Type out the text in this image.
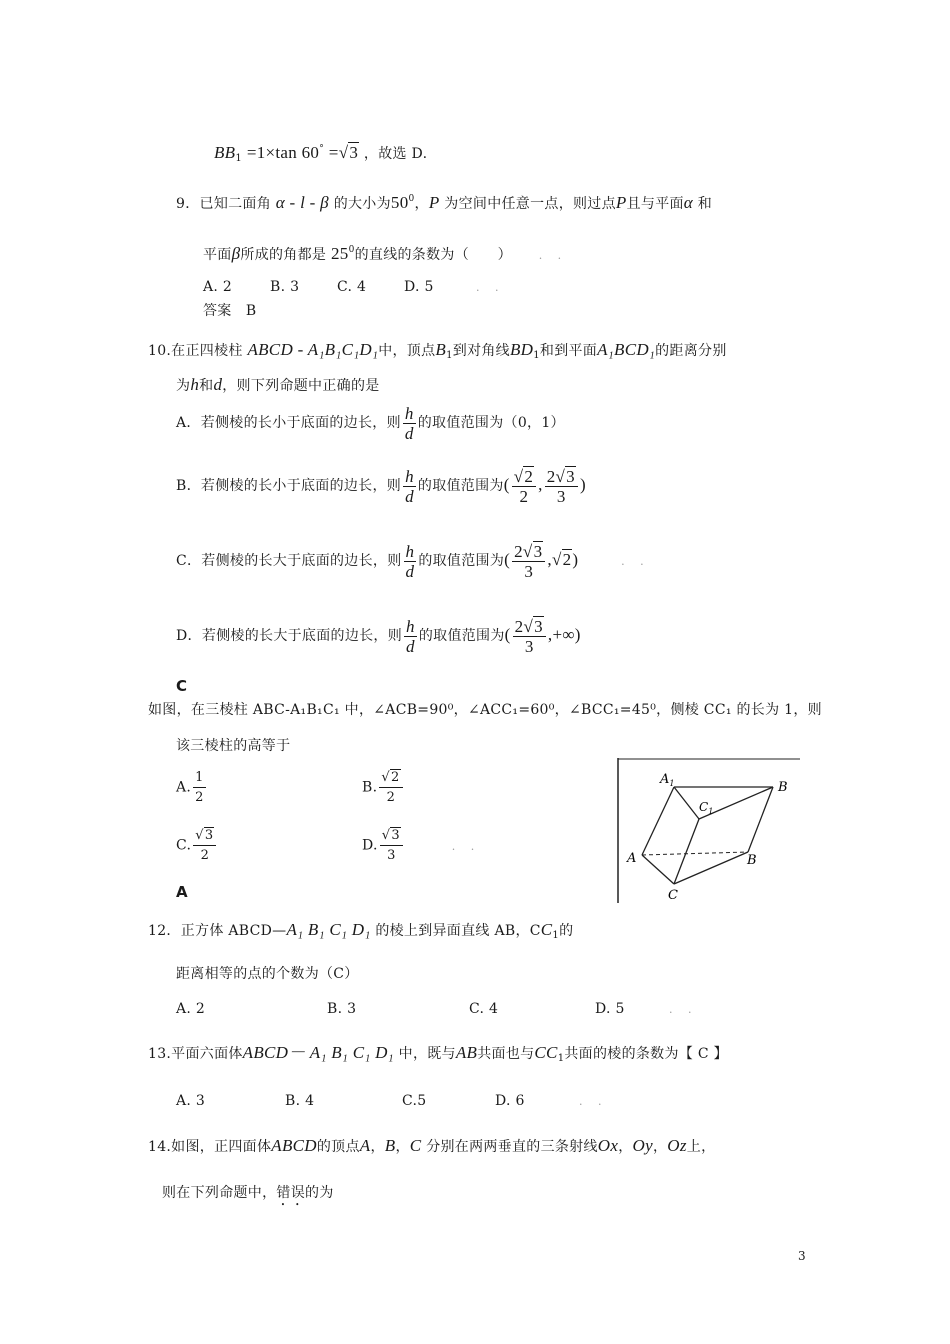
$BB_1 =1\times\tan$ 60° =√3 ，故选 D.
9．已知二面角 α - l - β 的大小为$50^0$，P 为空间中任意一点，则过点P且与平面α 和
平面β所成的角都是 $25^0$的直线的条数为（　　） . .
A. 2	B. 3	C. 4	D. 5	. .
答案　B
10.在正四棱柱 ABCD - A₁B₁C₁D₁中，顶点$B_1$到对角线$BD_1$和到平面A₁BCD₁的距离分别
为h和d，则下列命题中正确的是
A．若侧棱的长小于底面的边长，则 $\frac{h}{d}$ 的取值范围为（0，1）
B．若侧棱的长小于底面的边长，则 $\frac{h}{d}$ 的取值范围为( $\frac{√2}{2}$ , $\frac{2√3}{3}$ )
C．若侧棱的长大于底面的边长，则 $\frac{h}{d}$ 的取值范围为( $\frac{2√3}{3} ,√2$)	. .
D．若侧棱的长大于底面的边长，则 $\frac{h}{d}$ 的取值范围为( $\frac{2√3}{3}$ ,+∞)
C
如图，在三棱柱 ABC-A₁B₁C₁ 中，∠ACB=90⁰，∠ACC₁=60⁰，∠BCC₁=45⁰，侧棱 CC₁ 的长为 1，则
该三棱柱的高等于
A. $\frac{1}{2}$	B. $\frac{√2}{2}$
C. $\frac{√3}{2}$	D. $\frac{√3}{3}$	. .
A
$A_1$	B
$C_1$
A	B
C
12．正方体 ABCD—A₁ B₁ C₁ D₁ 的棱上到异面直线 AB，$CC_1$的
距离相等的点的个数为（C）
A. 2	B. 3	C. 4	D. 5	. .
13.平面六面体ABCD－ A₁ B₁ C₁ D₁ 中，既与AB共面也与$CC_1$共面的棱的条数为【 C 】
A. 3	B. 4	C.5	D. 6	. .
14.如图，正四面体ABCD的顶点A，B，C 分别在两两垂直的三条射线Ox，Oy，Oz上，
则在下列命题中，错误的为
3
